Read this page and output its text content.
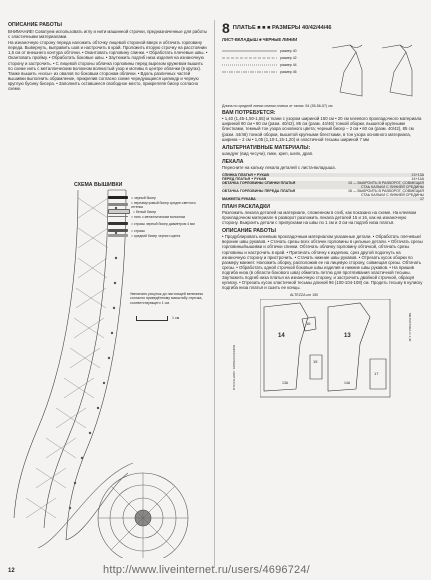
ОПИСАНИЕ РАБОТЫ

ВНИМАНИЕ! Соватуем использовать иглу и нити машинной строчки, предназначенные для работы с эластичными материалами.

На изнаночную сторону переда наложить обточку лицевой стороной вверх и обтачать горловину переда. Вывернуть, выправить шов и настрочить в край. Проложить вторую строчку на расстоянии 1,5 см от внешнего контура обточки. • Окантовать горловину спинки. • Обработать плечевые швы. • Окантовать пройму. • Обработать боковые швы. • Заутюжить подгиб низа изделия на изнаночную сторону и застрочить. • С лицевой стороны облачка горловины перед вырезом кружевом вышить по схеме нить с металлическим волокном волнистый узор и мотивы в центре облачки (в кругах). Также вышить «носы» из овалов по боковым сторонам облачки. • Вдоль различных частей вышивки выполнить обрамление, прикрепив согласно схеме чередующиеся цилиндр и черную круглую бусину бисера. • Заполнить оставшееся свободное место, прикрепляя бисер согласно схеме.

СХЕМА ВЫШИВКИ

= черный бисер
= перламутровый бисер средне-светлого оттенка
= белый бисер
= нить с металлическим волокном
= стразы черный бисер диаметром 4 мм
= стразы
= средний бисер черного цвета

Увеличить рисунок до настоящей величины согласно приведённому масштабу отрезка, соответствующего 1 см.

1 см
8 ПЛАТЬЕ ■ ■ ■ РАЗМЕРЫ 40/42/44/46

ЛИСТ-ВКЛАДЫШ ■ ЧЕРНЫЕ ЛИНИИ

размер 40
размер 42
размер 44
размер 46

Длина по средней линии спинки платья от талии: 54 (55-56-57) см

ВАМ ПОТРЕБУЕТСЯ:

• 1,40 (1,45-1,50-1,55) м ткани с узором шириной 150 см • 20 см клеевого прокладочного материала шириной 90 см • 80 см (разм. 40/42), 85 см (разм. 44/46) тонкой оборки, вышитой крупными блестками, темный тон узора основного цвета; черный бисер – 2 см • 60 см (разм. 40/42), 85 см (разм. 44/46) тонкой оборки, вышитой крупными блестками, в тон узора основного материала, ширина – 2 см • 1,05 (1,10-1,15-1,20) м эластичной тесьмы шириной 7 мм

АЛЬТЕРНАТИВНЫЕ МАТЕРИАЛЫ:

шандунг (вид чесучи), пике, креп, шелк, драп.

ЛЕКАЛА

Пересните на кальку лекала деталей с листа-вкладыша.

СПИНКА ПЛАТЬЯ + РУКАВ	13+13A
ПЕРЕД ПЛАТЬЯ + РУКАВ	14+14A
ОБТАЧКА ГОРЛОВИНЫ СПИНКИ ПЛАТЬЯ	15 — ВЫКРОИТЬ В РАЗВОРОТ, СОВМЕЩАЯ СТАЬ КАЛЬКИ С ЛИНИЕЙ СРЕДИНЫ
ОБТАЧКА ГОРЛОВИНЫ ПЕРЕДА ПЛАТЬЯ	16 — ВЫКРОИТЬ В РАЗВОРОТ, СОВМЕЩАЯ СТАЬ КАЛЬКИ С ЛИНИЕЙ СРЕДИНЫ
МАНЖЕТА РУКАВА	17

ПЛАН РАСКЛАДКИ

Разложить лекала деталей на материале, сложенном в сгиб, как показано на схеме. На клеевом прокладочном материале в разворот разложить лекала деталей 15 и 16, как на изнаночную сторону. Выкроить детали с припусками на швы по 1 см и 3 см на подгиб низа платья.

ОПИСАНИЕ РАБОТЫ

• Продублировать клеевым прокладочным материалом указанные детали. • Обработать плечевые/верхние швы рукавов. • Стачать срезы всех обтачек горловины в цельные детали. • Обтачать срезы горловины/вышивки и обтачки спинки. Обтачать облачку горловину обтачкой, обтачать срезы горловины и настрочить в край. • Притачать обтачку к изделию, срез другой подогнуть на изнаночную сторону и пристрочить. • Стачать нижние швы рукавов. • Отрезать кусок оборки по размеру манжет. Наложить оборку, расположив ее на лицевую сторону, совмещая срезы. Обтачать срезы. • Обработать одной строчкой боковые швы изделия и нижние швы рукавов. • На пришив подгиба низа (в области бокового шва) обметать петлю для протягивания эластичной тесьмы. Заутюжить подгиб низа платья на изнаночную сторону, и застрочить двойной строчкой, образуя кулиску. • Отрезать кусок эластичной тесьмы длиной 96 (100-104-108) см. Продеть тесьму в кулиску подгиба низа платья и сшить ее концы.

ALTEZZA cm 150
14	13
15
16
17
13A	14A
DOPPIO INTERO - DRITTO FILO
METRATURA m 1,40
12	http://www.liveinternet.ru/users/4696724/
